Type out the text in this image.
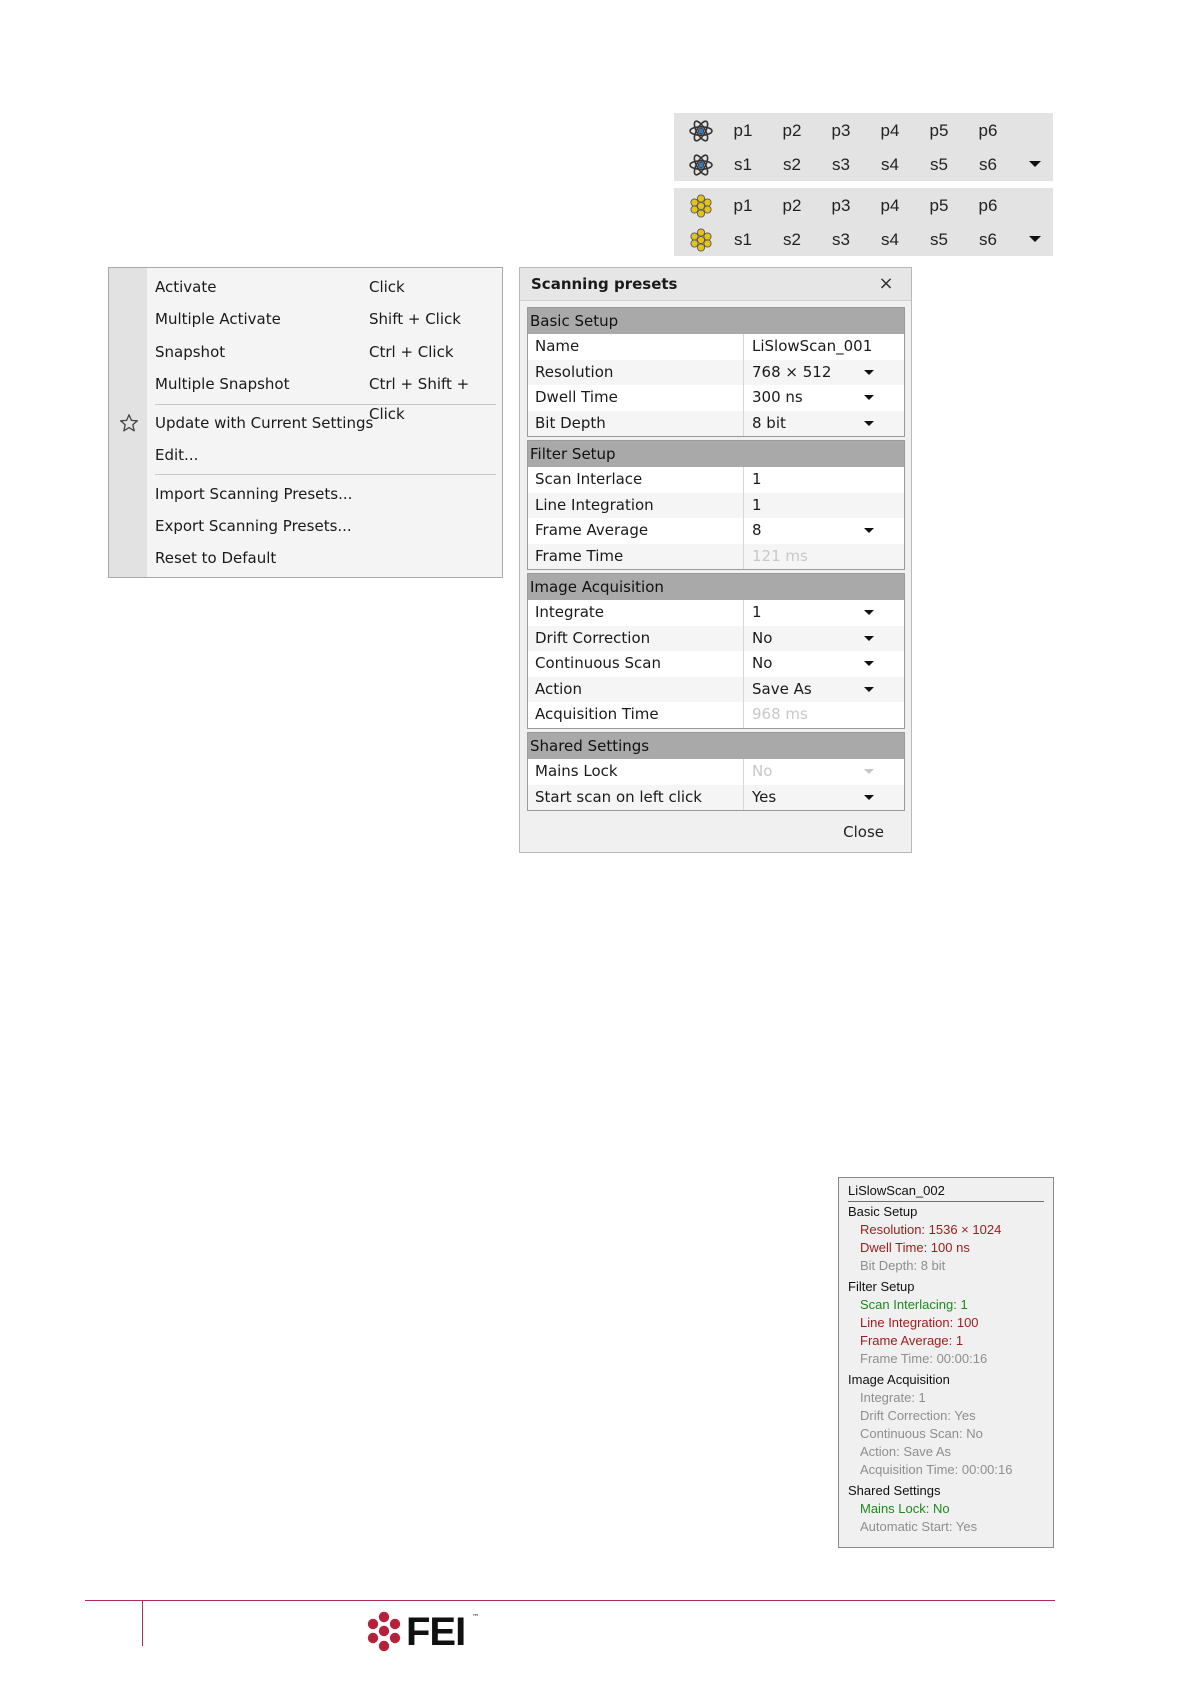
p1	p2	p3	p4	p5	p6
s1	s2	s3	s4	s5	s6
p1	p2	p3	p4	p5	p6
s1	s2	s3	s4	s5	s6
Activate	Click
Multiple Activate	Shift + Click
Snapshot	Ctrl + Click
Multiple Snapshot	Ctrl + Shift + Click
Update with Current Settings
Edit...
Import Scanning Presets...
Export Scanning Presets...
Reset to Default
Scanning presets	×
Basic Setup
Name	LiSlowScan_001
Resolution	768 × 512
Dwell Time	300 ns
Bit Depth	8 bit
Filter Setup
Scan Interlace	1
Line Integration	1
Frame Average	8
Frame Time	121 ms
Image Acquisition
Integrate	1
Drift Correction	No
Continuous Scan	No
Action	Save As
Acquisition Time	968 ms
Shared Settings
Mains Lock	No
Start scan on left click	Yes
Close
LiSlowScan_002
Basic Setup
Resolution: 1536 × 1024
Dwell Time: 100 ns
Bit Depth: 8 bit
Filter Setup
Scan Interlacing: 1
Line Integration: 100
Frame Average: 1
Frame Time: 00:00:16
Image Acquisition
Integrate: 1
Drift Correction: Yes
Continuous Scan: No
Action: Save As
Acquisition Time: 00:00:16
Shared Settings
Mains Lock: No
Automatic Start: Yes
FEI ™
